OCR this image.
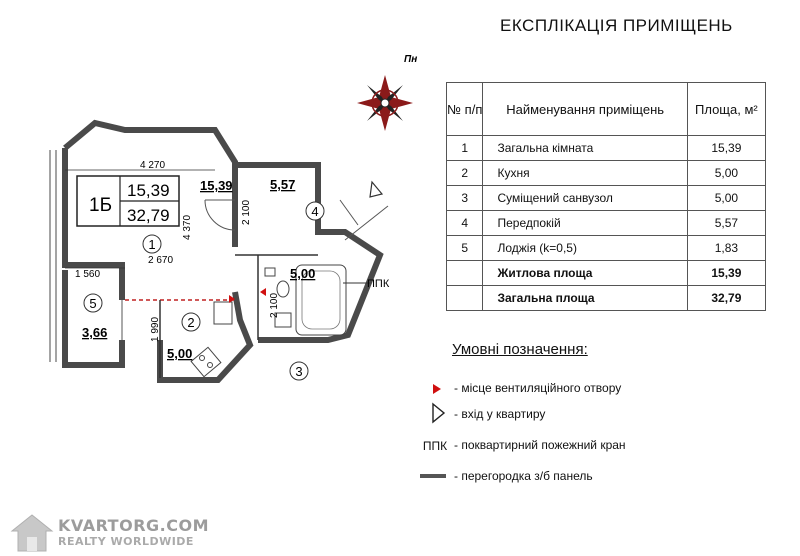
ЕКСПЛІКАЦІЯ ПРИМІЩЕНЬ
Пн
1Б
15,39
32,79
15,39	5,57
5,00
5,00
3,66
1
2
3
4
5
4 270
4 370
2 670
1 560
1 990
2 100
2 100
ППК
№ п/п	Найменування приміщень	Площа, м²
1	Загальна кімната	15,39
2	Кухня	5,00
3	Суміщений санвузол	5,00
4	Передпокій	5,57
5	Лоджія (k=0,5)	1,83
	Житлова площа	15,39
	Загальна площа	32,79
Умовні позначення:
- місце вентиляційного отвору
- вхід у квартиру
ППК - поквартирний пожежний кран
- перегородка з/б панель
KVARTORG.COM
REALTY WORLDWIDE
